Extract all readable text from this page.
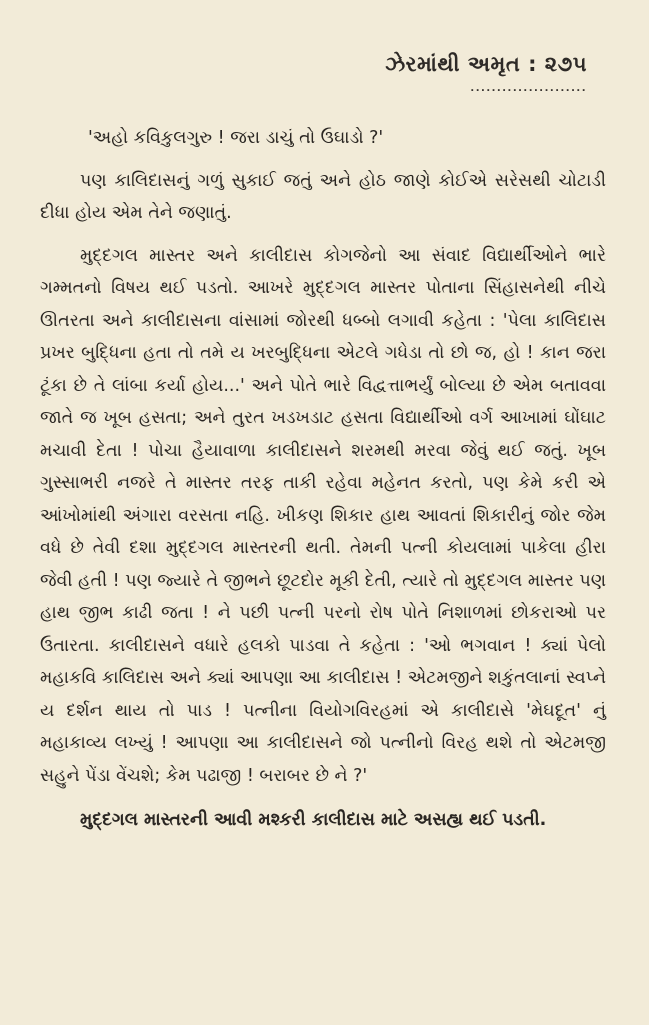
ઝેરમાંથી અમૃત : ૨૭૫
......................

'અહો કવિકુલગુરુ ! જરા ડાચું તો ઉઘાડો ?'

પણ કાલિદાસનું ગળું સુકાઈ જતું અને હોઠ જાણે કોઈએ સરેસથી ચોટાડી દીધા હોય એમ તેને જણાતું.

મુદ્દગલ માસ્તર અને કાલીદાસ કોગજેનો આ સંવાદ વિદ્યાર્થીઓને ભારે ગમ્મતનો વિષય થઈ પડતો. આખરે મુદ્દગલ માસ્તર પોતાના સિંહાસનેથી નીચે ઊતરતા અને કાલીદાસના વાંસામાં જોરથી ધબ્બો લગાવી કહેતા : 'પેલા કાલિદાસ પ્રખર બુદ્ધિના હતા તો તમે ય ખરબુદ્ધિના એટલે ગધેડા તો છો જ, હો ! કાન જરા ટૂંકા છે તે લાંબા કર્યા હોય...' અને પોતે ભારે વિદ્વત્તાભર્યું બોલ્યા છે એમ બતાવવા જાતે જ ખૂબ હસતા; અને તુરત ખડખડાટ હસતા વિદ્યાર્થીઓ વર્ગ આખામાં ઘોંઘાટ મચાવી દેતા ! પોચા હૈયાવાળા કાલીદાસને શરમથી મરવા જેવું થઈ જતું. ખૂબ ગુસ્સાભરી નજરે તે માસ્તર તરફ તાકી રહેવા મહેનત કરતો, પણ કેમે કરી એ આંખોમાંથી અંગારા વરસતા નહિ. ખીકણ શિકાર હાથ આવતાં શિકારીનું જોર જેમ વધે છે તેવી દશા મુદ્દગલ માસ્તરની થતી. તેમની પત્ની કોયલામાં પાકેલા હીરા જેવી હતી ! પણ જ્યારે તે જીભને છૂટદોર મૂકી દેતી, ત્યારે તો મુદ્દગલ માસ્તર પણ હાથ જીભ કાઢી જતા ! ને પછી પત્ની પરનો રોષ પોતે નિશાળમાં છોકરાઓ પર ઉતારતા. કાલીદાસને વધારે હલકો પાડવા તે કહેતા : 'ઓ ભગવાન ! ક્યાં પેલો મહાકવિ કાલિદાસ અને ક્યાં આપણા આ કાલીદાસ ! એટમજીને શકુંતલાનાં સ્વપ્ને ય દર્શન થાય તો પાડ ! પત્નીના વિયોગવિરહમાં એ કાલીદાસે 'મેઘદૂત' નું મહાકાવ્ય લખ્યું ! આપણા આ કાલીદાસને જો પત્નીનો વિરહ થશે તો એટમજી સહુને પેંડા વેંચશે; કેમ પઢાજી ! બરાબર છે ને ?'

મુદ્દગલ માસ્તરની આવી મશ્કરી કાલીદાસ માટે અસહ્ય થઈ પડતી.
